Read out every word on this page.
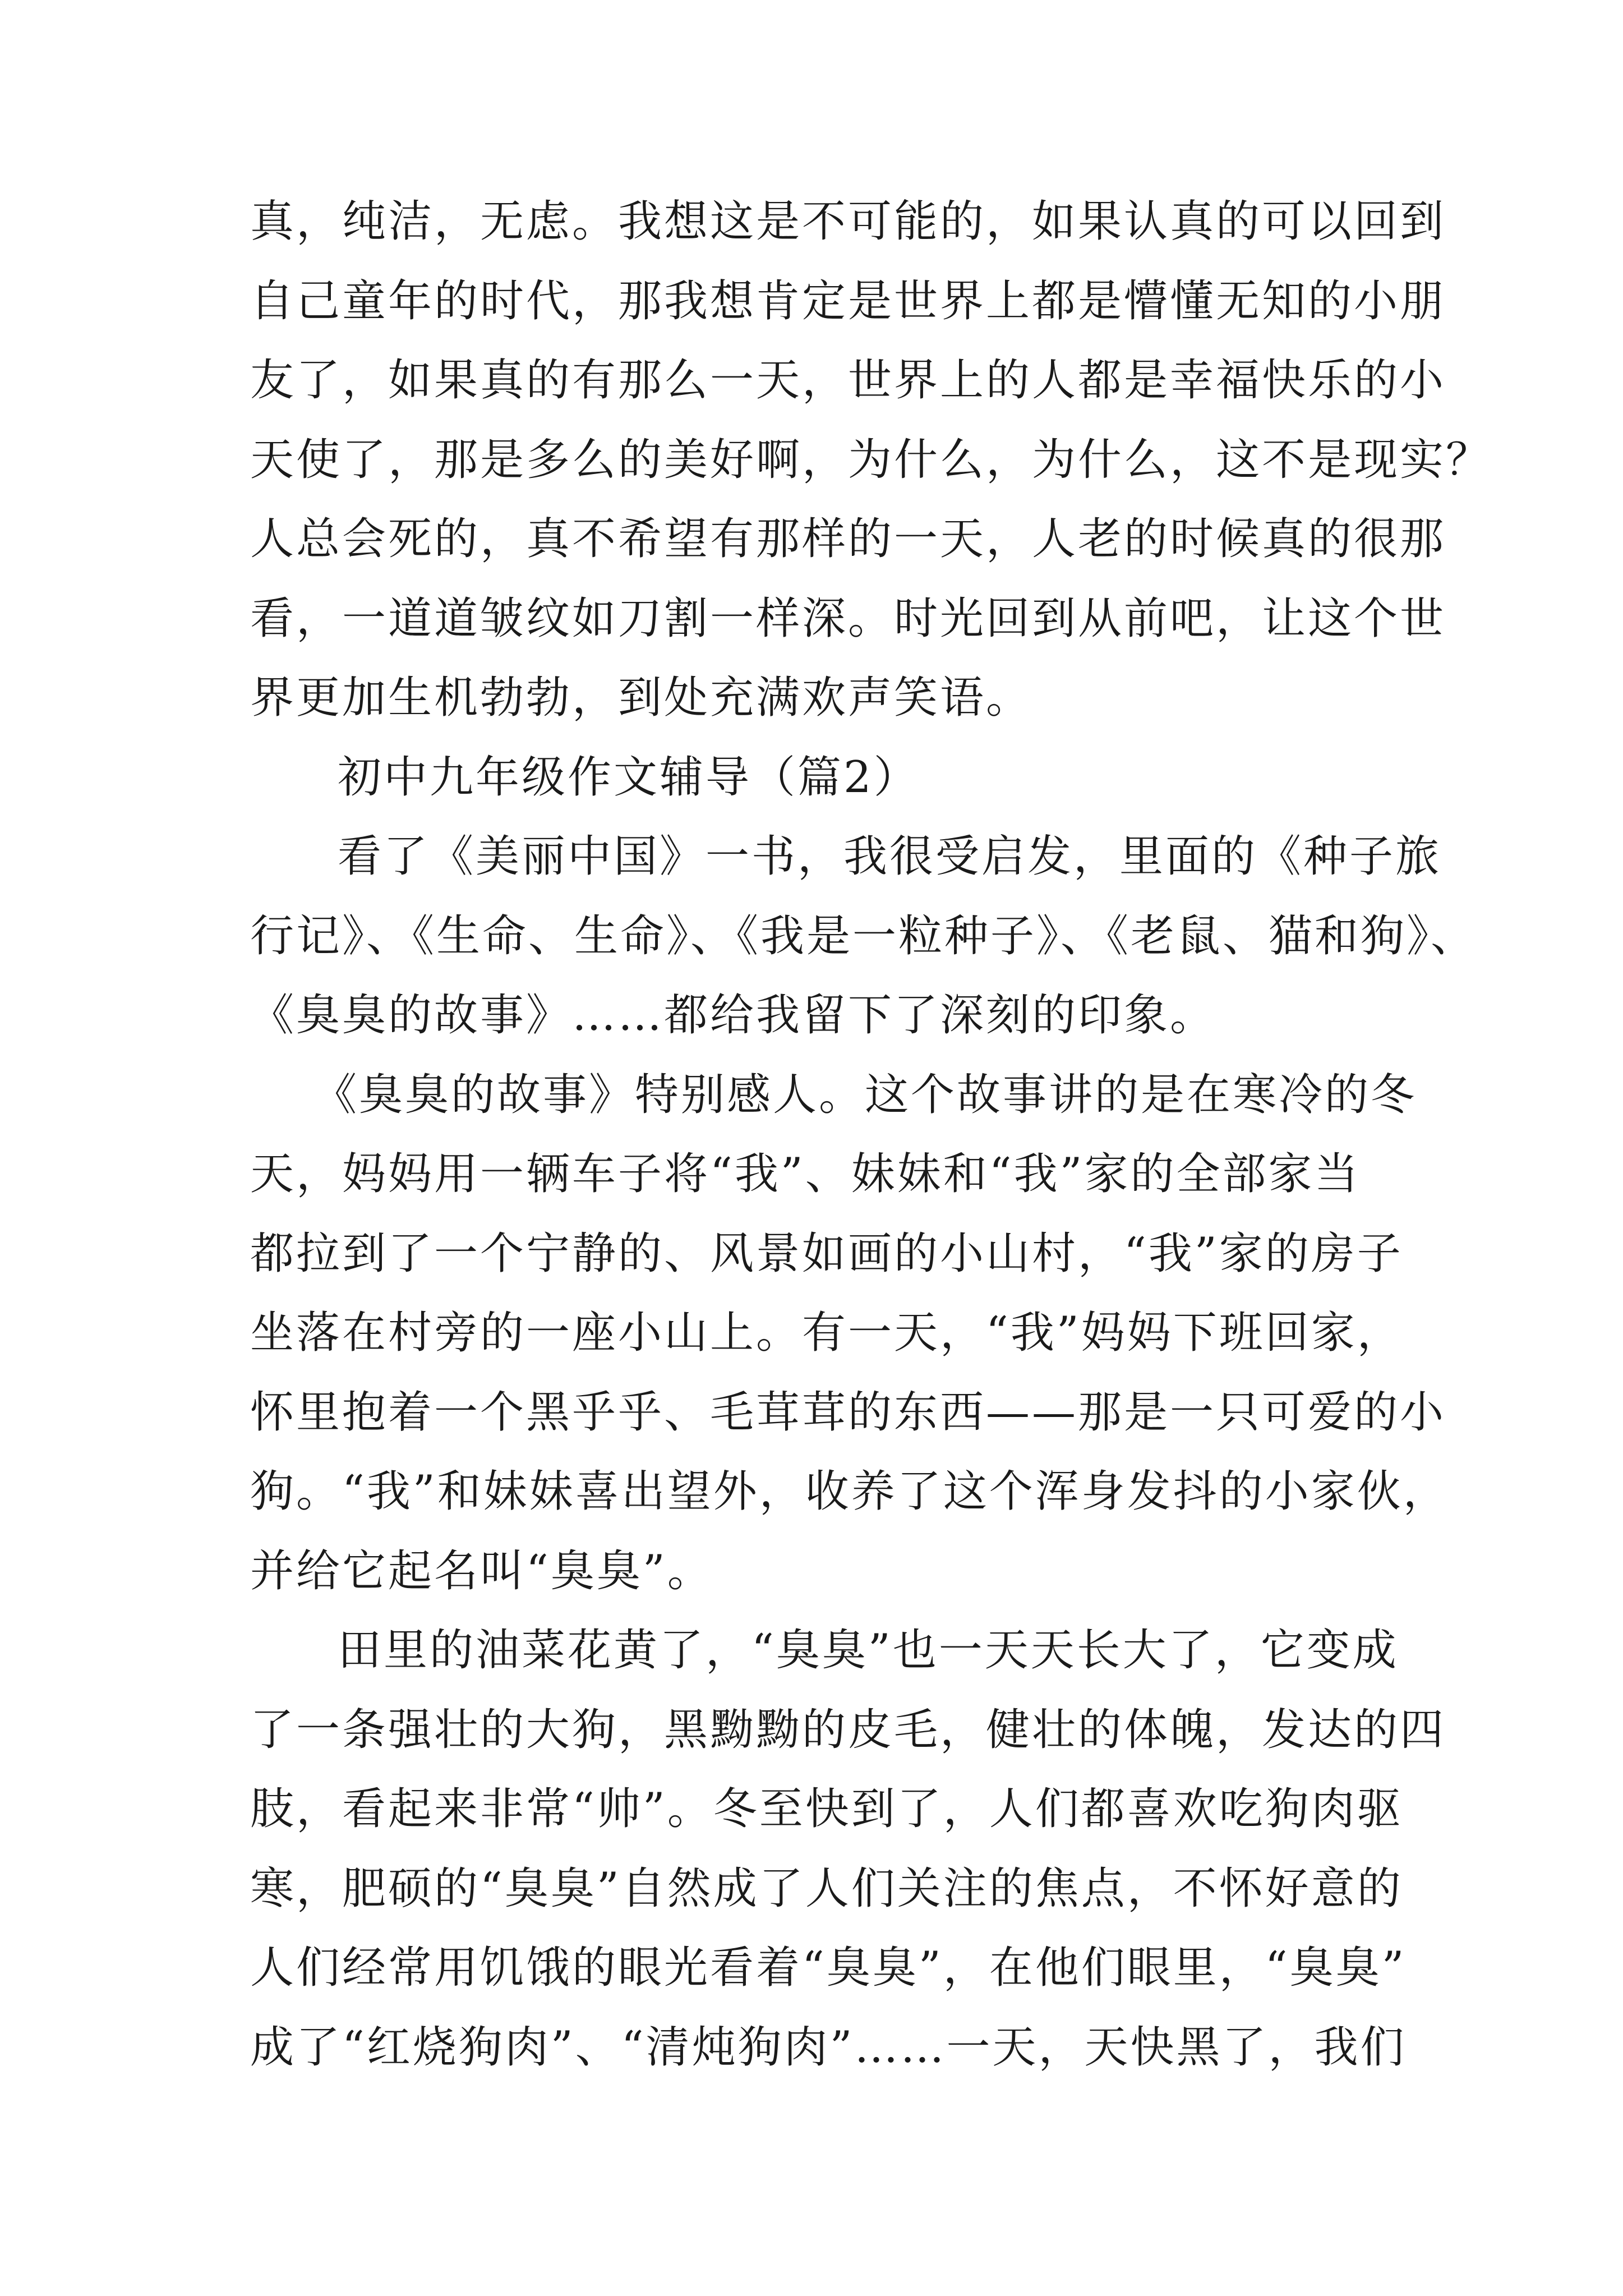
真，纯洁，无虑。我想这是不可能的，如果认真的可以回到
自己童年的时代，那我想肯定是世界上都是懵懂无知的小朋
友了，如果真的有那么一天，世界上的人都是幸福快乐的小
天使了，那是多么的美好啊，为什么，为什么，这不是现实？
人总会死的，真不希望有那样的一天，人老的时候真的很那
看，一道道皱纹如刀割一样深。时光回到从前吧，让这个世
界更加生机勃勃，到处充满欢声笑语。
初中九年级作文辅导（篇2）
看了《美丽中国》一书，我很受启发，里面的《种子旅
行记》、《生命、生命》、《我是一粒种子》、《老鼠、猫和狗》、
《臭臭的故事》……都给我留下了深刻的印象。
《臭臭的故事》特别感人。这个故事讲的是在寒冷的冬
天，妈妈用一辆车子将“我”、妹妹和“我”家的全部家当
都拉到了一个宁静的、风景如画的小山村，“我”家的房子
坐落在村旁的一座小山上。有一天，“我”妈妈下班回家，
怀里抱着一个黑乎乎、毛茸茸的东西——那是一只可爱的小
狗。“我”和妹妹喜出望外，收养了这个浑身发抖的小家伙，
并给它起名叫“臭臭”。
田里的油菜花黄了，“臭臭”也一天天长大了，它变成
了一条强壮的大狗，黑黝黝的皮毛，健壮的体魄，发达的四
肢，看起来非常“帅”。冬至快到了，人们都喜欢吃狗肉驱
寒，肥硕的“臭臭”自然成了人们关注的焦点，不怀好意的
人们经常用饥饿的眼光看着“臭臭”，在他们眼里，“臭臭”
成了“红烧狗肉”、“清炖狗肉”……一天，天快黑了，我们
